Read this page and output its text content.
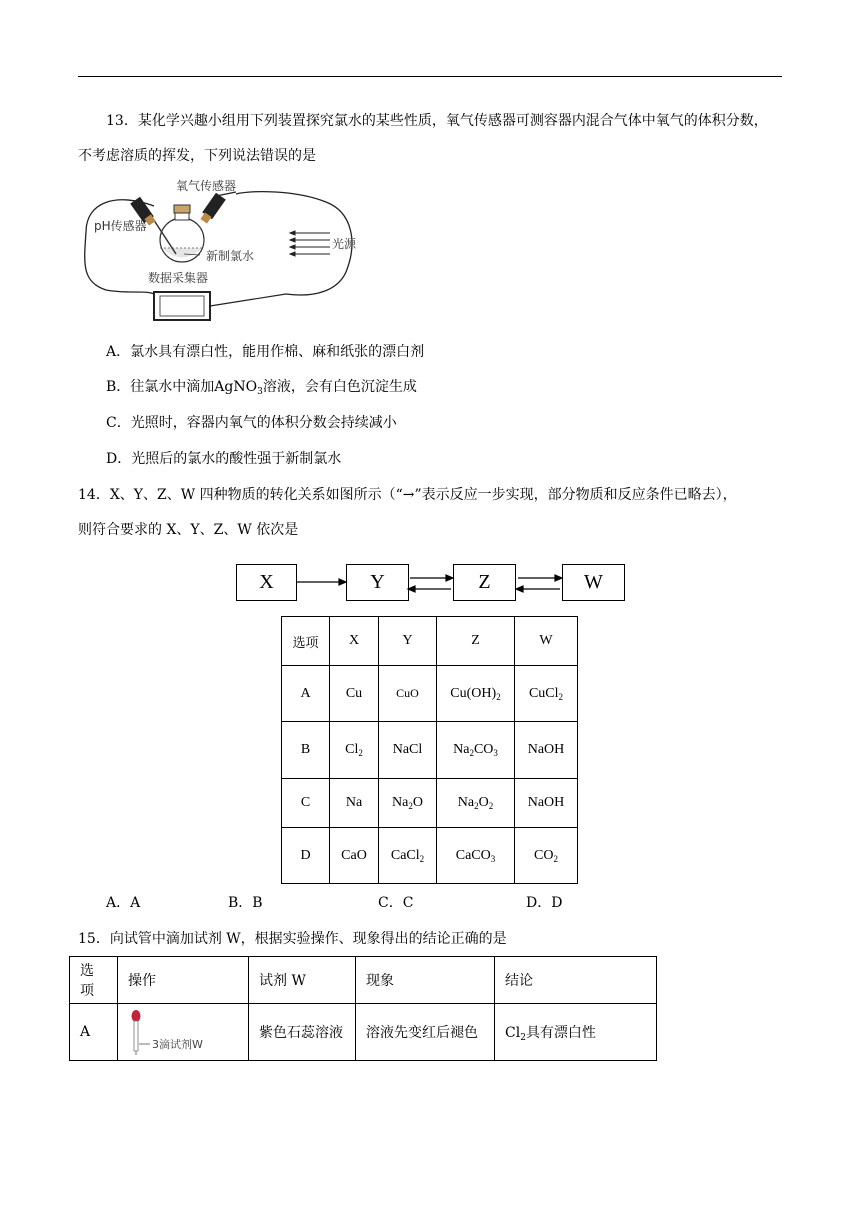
13．某化学兴趣小组用下列装置探究氯水的某些性质，氧气传感器可测容器内混合气体中氧气的体积分数，
不考虑溶质的挥发，下列说法错误的是
氧气传感器
pH传感器
新制氯水
光源
数据采集器
A．氯水具有漂白性，能用作棉、麻和纸张的漂白剂
B．往氯水中滴加AgNO$_3$溶液，会有白色沉淀生成
C．光照时，容器内氧气的体积分数会持续减小
D．光照后的氯水的酸性强于新制氯水
14．X、Y、Z、W 四种物质的转化关系如图所示（“→”表示反应一步实现，部分物质和反应条件已略去），
则符合要求的 X、Y、Z、W 依次是
X	Y	Z	W
选项	X	Y	Z	W
A	Cu	CuO	$Cu(OH)_2$	CuCl$_2$
B	$Cl_2$	NaCl	$Na_2CO_3$	NaOH
C	Na	$Na_2O$	$Na_2O_2$	NaOH
D	CaO	CaCl$_2$	CaCO$_3$	$CO_2$
A．A	B．B	C．C	D．D
15．向试管中滴加试剂 W，根据实验操作、现象得出的结论正确的是
选项	操作	试剂 W	现象	结论
A	3滴试剂W	紫色石蕊溶液	溶液先变红后褪色	$Cl_2$具有漂白性
